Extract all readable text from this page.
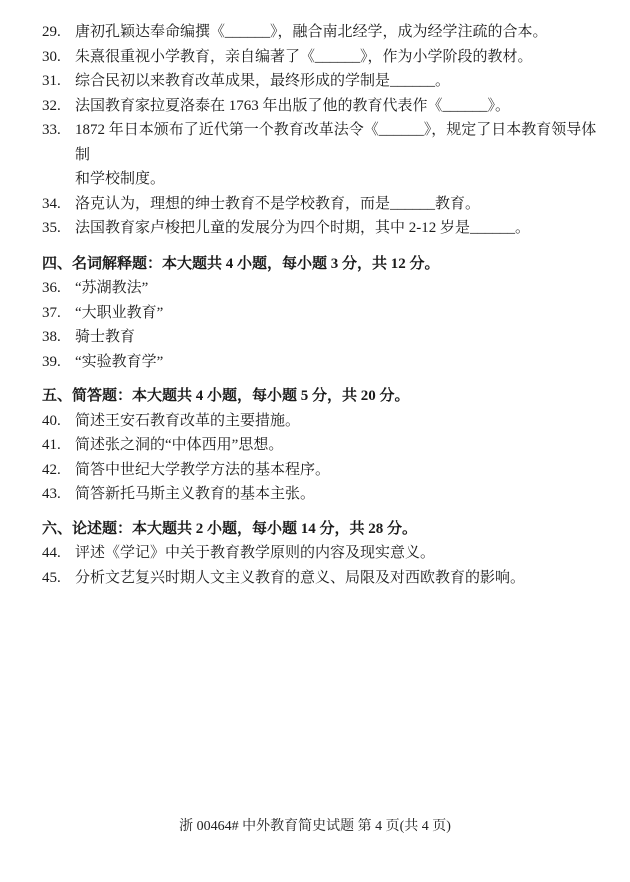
29. 唐初孔颖达奉命编撰《______》，融合南北经学，成为经学注疏的合本。
30. 朱熹很重视小学教育，亲自编著了《______》，作为小学阶段的教材。
31. 综合民初以来教育改革成果，最终形成的学制是______。
32. 法国教育家拉夏洛泰在 1763 年出版了他的教育代表作《______》。
33. 1872 年日本颁布了近代第一个教育改革法令《______》，规定了日本教育领导体制
和学校制度。
34. 洛克认为，理想的绅士教育不是学校教育，而是______教育。
35. 法国教育家卢梭把儿童的发展分为四个时期，其中 2-12 岁是______。
四、名词解释题：本大题共 4 小题，每小题 3 分，共 12 分。
36. “苏湖教法”
37. “大职业教育”
38. 骑士教育
39. “实验教育学”
五、简答题：本大题共 4 小题，每小题 5 分，共 20 分。
40. 简述王安石教育改革的主要措施。
41. 简述张之洞的“中体西用”思想。
42. 简答中世纪大学教学方法的基本程序。
43. 简答新托马斯主义教育的基本主张。
六、论述题：本大题共 2 小题，每小题 14 分，共 28 分。
44. 评述《学记》中关于教育教学原则的内容及现实意义。
45. 分析文艺复兴时期人文主义教育的意义、局限及对西欧教育的影响。
浙 00464# 中外教育简史试题 第 4 页(共 4 页)
